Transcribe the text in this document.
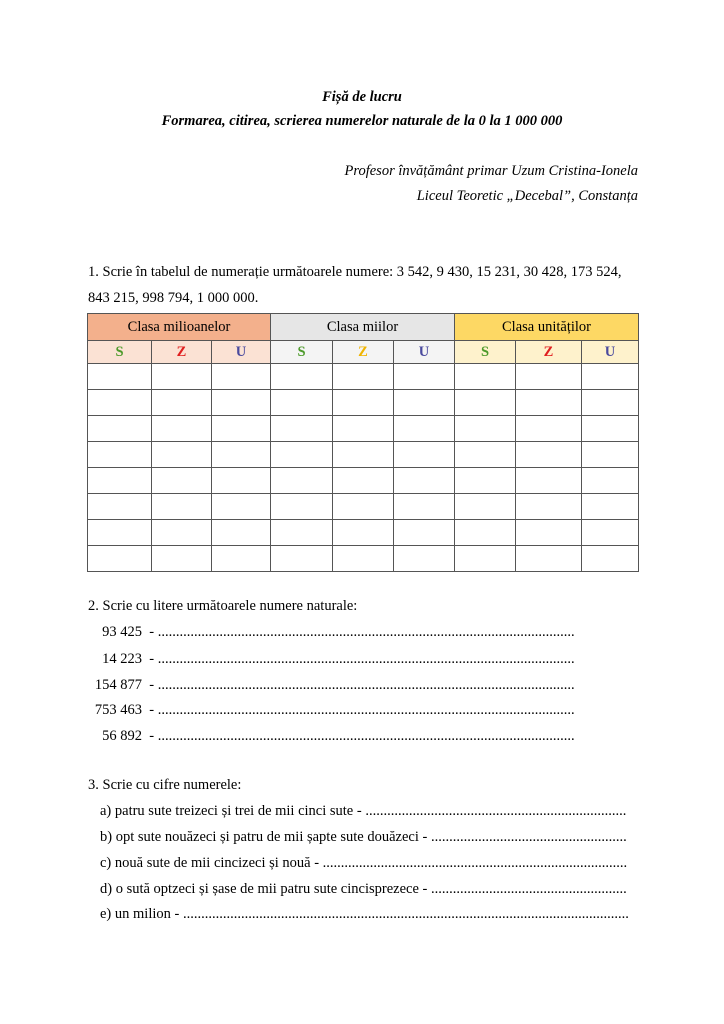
Fișă de lucru
Formarea, citirea, scrierea numerelor naturale de la 0 la 1 000 000
Profesor învățământ primar Uzum Cristina-Ionela
Liceul Teoretic „Decebal”, Constanța
1. Scrie în tabelul de numerație următoarele numere: 3 542, 9 430, 15 231, 30 428, 173 524,
843 215, 998 794, 1 000 000.
Clasa milioanelor			Clasa miilor			Clasa unităților		
S	Z	U	S	Z	U	S	Z	U

2. Scrie cu litere următoarele numere naturale:
93 425 - ...................................................................................................................
14 223 - ...................................................................................................................
154 877 - ...................................................................................................................
753 463 - ...................................................................................................................
56 892 - ...................................................................................................................
3. Scrie cu cifre numerele:
a) patru sute treizeci și trei de mii cinci sute - ........................................................................
b) opt sute nouăzeci și patru de mii șapte sute douăzeci - ......................................................
c) nouă sute de mii cincizeci și nouă - ....................................................................................
d) o sută optzeci și șase de mii patru sute cincisprezece - ......................................................
e) un milion - ...........................................................................................................................
